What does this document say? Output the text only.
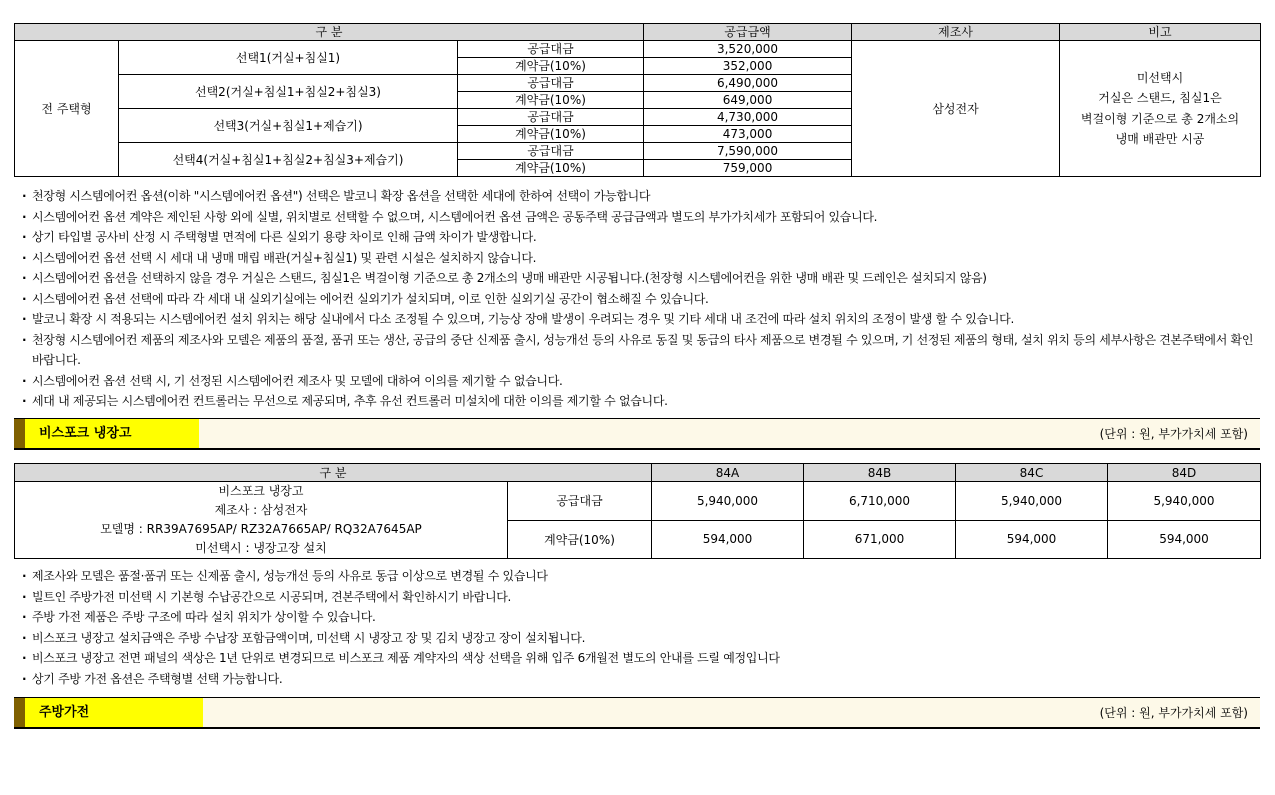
구 분			공급금액	제조사	비고
전 주택형	선택1(거실+침실1)	공급대금	3,520,000	삼성전자	미선택시
거실은 스탠드, 침실1은
벽걸이형 기준으로 총 2개소의
냉매 배관만 시공

		계약금(10%)	352,000		
	선택2(거실+침실1+침실2+침실3)	공급대금	6,490,000		
		계약금(10%)	649,000		
	선택3(거실+침실1+제습기)	공급대금	4,730,000		
		계약금(10%)	473,000		
	선택4(거실+침실1+침실2+침실3+제습기)	공급대금	7,590,000		
		계약금(10%)	759,000		
· 천장형 시스템에어컨 옵션(이하 "시스템에어컨 옵션") 선택은 발코니 확장 옵션을 선택한 세대에 한하여 선택이 가능합니다
· 시스템에어컨 옵션 계약은 제인된 사항 외에 실별, 위치별로 선택할 수 없으며, 시스템에어컨 옵션 금액은 공동주택 공급금액과 별도의 부가가치세가 포함되어 있습니다.
· 상기 타입별 공사비 산정 시 주택형별 면적에 다른 실외기 용량 차이로 인해 금액 차이가 발생합니다.
· 시스템에어컨 옵션 선택 시 세대 내 냉매 매립 배관(거실+침실1) 및 관련 시설은 설치하지 않습니다.
· 시스템에어컨 옵션을 선택하지 않을 경우 거실은 스탠드, 침실1은 벽걸이형 기준으로 총 2개소의 냉매 배관만 시공됩니다.(천장형 시스템에어컨을 위한 냉매 배관 및 드레인은 설치되지 않음)
· 시스템에어컨 옵션 선택에 따라 각 세대 내 실외기실에는 에어컨 실외기가 설치되며, 이로 인한 실외기실 공간이 협소해질 수 있습니다.
· 발코니 확장 시 적용되는 시스템에어컨 설치 위치는 해당 실내에서 다소 조정될 수 있으며, 기능상 장애 발생이 우려되는 경우 및 기타 세대 내 조건에 따라 설치 위치의 조정이 발생 할 수 있습니다.
· 천장형 시스템에어컨 제품의 제조사와 모델은 제품의 품절, 품귀 또는 생산, 공급의 중단 신제품 출시, 성능개선 등의 사유로 동질 및 동급의 타사 제품으로 변경될 수 있으며, 기 선정된 제품의 형태, 설치 위치 등의 세부사항은 견본주택에서 확인 바랍니다.
· 시스템에어컨 옵션 선택 시, 기 선정된 시스템에어컨 제조사 및 모델에 대하여 이의를 제기할 수 없습니다.
· 세대 내 제공되는 시스템에어컨 컨트롤러는 무선으로 제공되며, 추후 유선 컨트롤러 미설치에 대한 이의를 제기할 수 없습니다.
비스포크 냉장고	(단위 : 원, 부가가치세 포함)
구 분		84A	84B	84C	84D

비스포크 냉장고
제조사 : 삼성전자
모델명 : RR39A7695AP/ RZ32A7665AP/ RQ32A7645AP
미선택시 : 냉장고장 설치	공급대금	5,940,000	6,710,000	5,940,000	5,940,000
	계약금(10%)	594,000	671,000	594,000	594,000
· 제조사와 모델은 품절·품귀 또는 신제품 출시, 성능개선 등의 사유로 동급 이상으로 변경될 수 있습니다
· 빌트인 주방가전 미선택 시 기본형 수납공간으로 시공되며, 견본주택에서 확인하시기 바랍니다.
· 주방 가전 제품은 주방 구조에 따라 설치 위치가 상이할 수 있습니다.
· 비스포크 냉장고 설치금액은 주방 수납장 포함금액이며, 미선택 시 냉장고 장 및 김치 냉장고 장이 설치됩니다.
· 비스포크 냉장고 전면 패널의 색상은 1년 단위로 변경되므로 비스포크 제품 계약자의 색상 선택을 위해 입주 6개월전 별도의 안내를 드릴 예정입니다
· 상기 주방 가전 옵션은 주택형별 선택 가능합니다.
주방가전	(단위 : 원, 부가가치세 포함)
